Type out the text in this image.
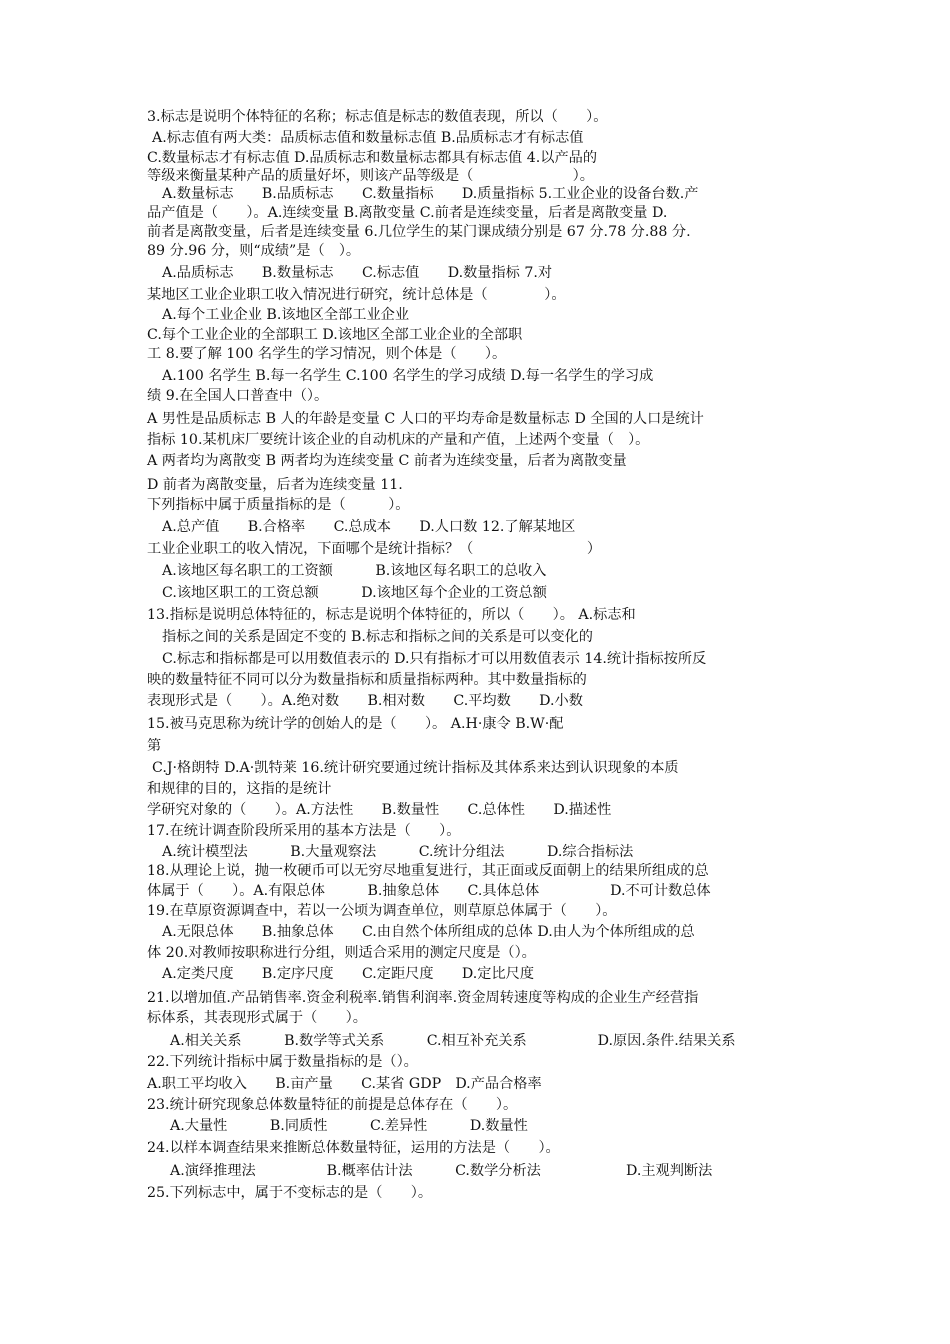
3.标志是说明个体特征的名称；标志值是标志的数值表现，所以（　　）。

A.标志值有两大类：品质标志值和数量标志值 B.品质标志才有标志值

C.数量标志才有标志值 D.品质标志和数量标志都具有标志值 4.以产品的

等级来衡量某种产品的质量好坏，则该产品等级是（　　　　　　　）。

A.数量标志　　B.品质标志　　C.数量指标　　D.质量指标 5.工业企业的设备台数.产

品产值是（　　）。A.连续变量 B.离散变量 C.前者是连续变量，后者是离散变量 D.

前者是离散变量，后者是连续变量 6.几位学生的某门课成绩分别是 67 分.78 分.88 分.

89 分.96 分，则“成绩”是（　）。

A.品质标志　　B.数量标志　　C.标志值　　D.数量指标 7.对

某地区工业企业职工收入情况进行研究，统计总体是（　　　　）。

A.每个工业企业 B.该地区全部工业企业

C.每个工业企业的全部职工 D.该地区全部工业企业的全部职

工 8.要了解 100 名学生的学习情况，则个体是（　　）。

A.100 名学生 B.每一名学生 C.100 名学生的学习成绩 D.每一名学生的学习成

绩 9.在全国人口普查中（）。

A 男性是品质标志 B 人的年龄是变量 C 人口的平均寿命是数量标志 D 全国的人口是统计

指标 10.某机床厂要统计该企业的自动机床的产量和产值，上述两个变量（　）。

A 两者均为离散变 B 两者均为连续变量 C 前者为连续变量，后者为离散变量

D 前者为离散变量，后者为连续变量 11.

下列指标中属于质量指标的是（　　　）。

A.总产值　　B.合格率　　C.总成本　　D.人口数 12.了解某地区

工业企业职工的收入情况，下面哪个是统计指标？（　　　　　　　　）

A.该地区每名职工的工资额　　　B.该地区每名职工的总收入

C.该地区职工的工资总额　　　D.该地区每个企业的工资总额

13.指标是说明总体特征的，标志是说明个体特征的，所以（　　）。 A.标志和

指标之间的关系是固定不变的 B.标志和指标之间的关系是可以变化的

C.标志和指标都是可以用数值表示的 D.只有指标才可以用数值表示 14.统计指标按所反

映的数量特征不同可以分为数量指标和质量指标两种。其中数量指标的

表现形式是（　　）。A.绝对数　　B.相对数　　C.平均数　　D.小数

15.被马克思称为统计学的创始人的是（　　）。 A.H·康令 B.W·配

第

C.J·格朗特 D.A·凯特莱 16.统计研究要通过统计指标及其体系来达到认识现象的本质

和规律的目的，这指的是统计

学研究对象的（　　）。A.方法性　　B.数量性　　C.总体性　　D.描述性

17.在统计调查阶段所采用的基本方法是（　　）。

A.统计模型法　　　B.大量观察法　　　C.统计分组法　　　D.综合指标法

18.从理论上说，抛一枚硬币可以无穷尽地重复进行，其正面或反面朝上的结果所组成的总

体属于（　　）。A.有限总体　　　B.抽象总体　　C.具体总体　　　　　D.不可计数总体

19.在草原资源调查中，若以一公顷为调查单位，则草原总体属于（　　）。

A.无限总体　　B.抽象总体　　C.由自然个体所组成的总体 D.由人为个体所组成的总

体 20.对教师按职称进行分组，则适合采用的测定尺度是（）。

A.定类尺度　　B.定序尺度　　C.定距尺度　　D.定比尺度

21.以增加值.产品销售率.资金利税率.销售利润率.资金周转速度等构成的企业生产经营指

标体系，其表现形式属于（　　）。

A.相关关系　　　B.数学等式关系　　　C.相互补充关系　　　　　D.原因.条件.结果关系

22.下列统计指标中属于数量指标的是（）。

A.职工平均收入　　B.亩产量　　C.某省 GDP　D.产品合格率

23.统计研究现象总体数量特征的前提是总体存在（　　）。

A.大量性　　　B.同质性　　　C.差异性　　　D.数量性

24.以样本调查结果来推断总体数量特征，运用的方法是（　　）。

A.演绎推理法　　　　　B.概率估计法　　　C.数学分析法　　　　　　D.主观判断法

25.下列标志中，属于不变标志的是（　　）。
